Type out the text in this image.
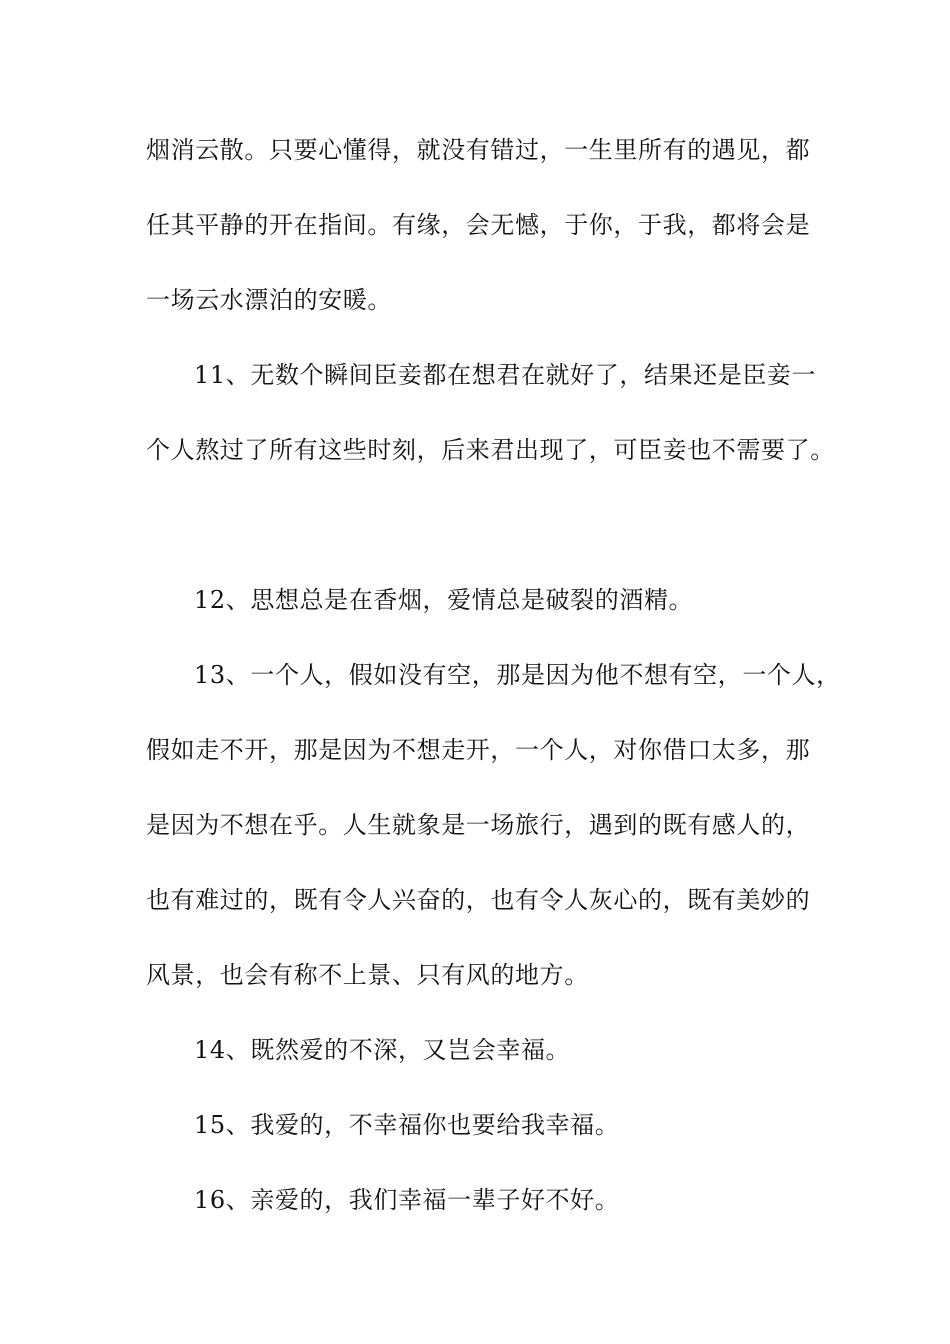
烟消云散。只要心懂得，就没有错过，一生里所有的遇见，都
任其平静的开在指间。有缘，会无憾，于你，于我，都将会是
一场云水漂泊的安暖。
11、无数个瞬间臣妾都在想君在就好了，结果还是臣妾一
个人熬过了所有这些时刻，后来君出现了，可臣妾也不需要了。
12、思想总是在香烟，爱情总是破裂的酒精。
13、一个人，假如没有空，那是因为他不想有空，一个人，
假如走不开，那是因为不想走开，一个人，对你借口太多，那
是因为不想在乎。人生就象是一场旅行，遇到的既有感人的，
也有难过的，既有令人兴奋的，也有令人灰心的，既有美妙的
风景，也会有称不上景、只有风的地方。
14、既然爱的不深，又岂会幸福。
15、我爱的，不幸福你也要给我幸福。
16、亲爱的，我们幸福一辈子好不好。
